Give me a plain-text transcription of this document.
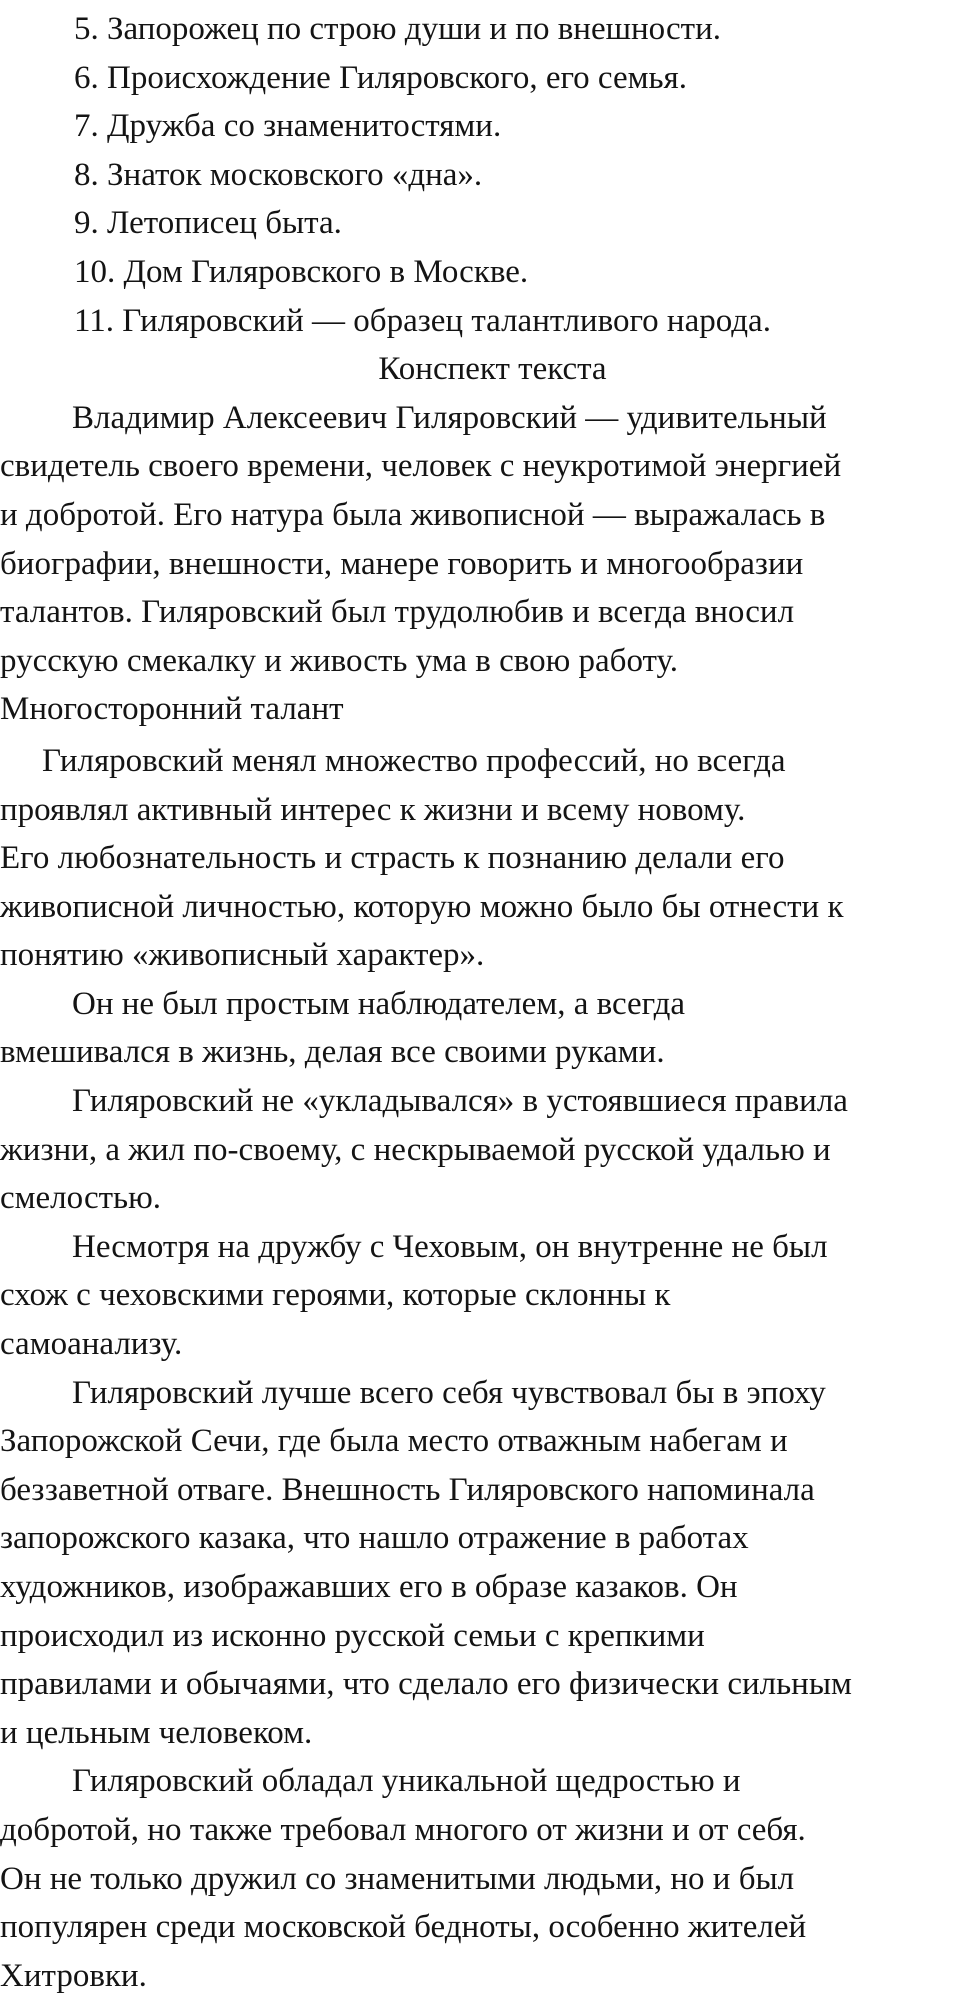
5. Запорожец по строю души и по внешности.
6. Происхождение Гиляровского, его семья.
7. Дружба со знаменитостями.
8. Знаток московского «дна».
9. Летописец быта.
10. Дом Гиляровского в Москве.
11. Гиляровский — образец талантливого народа.
Конспект текста
Владимир Алексеевич Гиляровский — удивительный
свидетель своего времени, человек с неукротимой энергией
и добротой. Его натура была живописной — выражалась в
биографии, внешности, манере говорить и многообразии
талантов. Гиляровский был трудолюбив и всегда вносил
русскую смекалку и живость ума в свою работу.
Многосторонний талант
Гиляровский менял множество профессий, но всегда
проявлял активный интерес к жизни и всему новому.
Его любознательность и страсть к познанию делали его
живописной личностью, которую можно было бы отнести к
понятию «живописный характер».
Он не был простым наблюдателем, а всегда
вмешивался в жизнь, делая все своими руками.
Гиляровский не «укладывался» в устоявшиеся правила
жизни, а жил по-своему, с нескрываемой русской удалью и
смелостью.
Несмотря на дружбу с Чеховым, он внутренне не был
схож с чеховскими героями, которые склонны к
самоанализу.
Гиляровский лучше всего себя чувствовал бы в эпоху
Запорожской Сечи, где была место отважным набегам и
беззаветной отваге. Внешность Гиляровского напоминала
запорожского казака, что нашло отражение в работах
художников, изображавших его в образе казаков. Он
происходил из исконно русской семьи с крепкими
правилами и обычаями, что сделало его физически сильным
и цельным человеком.
Гиляровский обладал уникальной щедростью и
добротой, но также требовал многого от жизни и от себя.
Он не только дружил со знаменитыми людьми, но и был
популярен среди московской бедноты, особенно жителей
Хитровки.
